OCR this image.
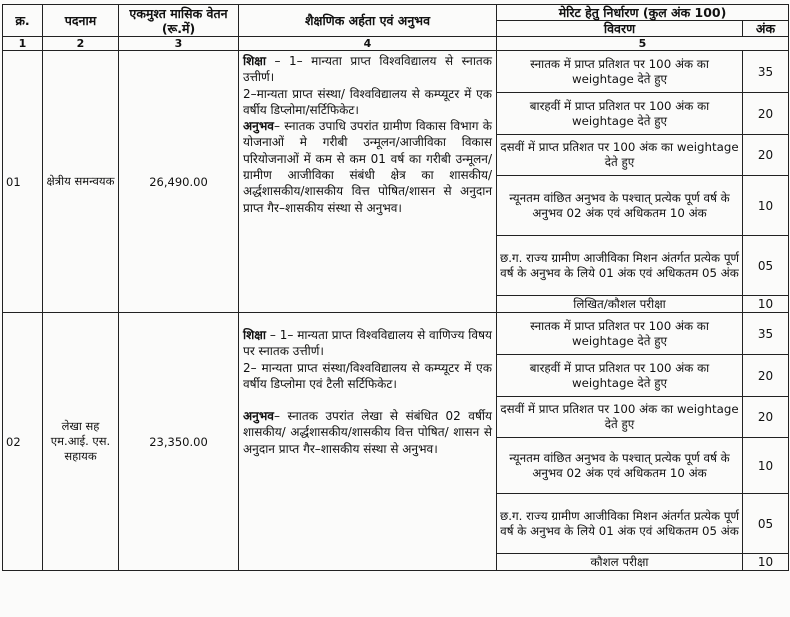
क्र.	पदनाम	एकमुश्त मासिक वेतन (रू.में)	शैक्षणिक अर्हता एवं अनुभव	मेरिट हेतु निर्धारण (कुल अंक 100)	
				विवरण	अंक
1	2	3	4	5	
01	क्षेत्रीय समन्वयक	26,490.00	शिक्षा – 1– मान्यता प्राप्त विश्वविद्यालय से स्नातक उत्तीर्ण।

2–मान्यता प्राप्त संस्था/ विश्वविद्यालय से कम्प्यूटर में एक वर्षीय डिप्लोमा/सर्टिफिकेट।

अनुभव– स्नातक उपाधि उपरांत ग्रामीण विकास विभाग के योजनाओं मे गरीबी उन्मूलन/आजीविका विकास परियोजनाओं में कम से कम 01 वर्ष का गरीबी उन्मूलन/ग्रामीण आजीविका संबंधी क्षेत्र का शासकीय/ अर्द्धशासकीय/शासकीय वित्त पोषित/शासन से अनुदान प्राप्त गैर–शासकीय संस्था से अनुभव।	स्नातक में प्राप्त प्रतिशत पर 100 अंक का weightage देते हुए	35
				बारहवीं में प्राप्त प्रतिशत पर 100 अंक का weightage देते हुए	20
				दसवीं में प्राप्त प्रतिशत पर 100 अंक का weightage देते हुए	20
				न्यूनतम वांछित अनुभव के पश्चात् प्रत्येक पूर्ण वर्ष के अनुभव 02 अंक एवं अधिकतम 10 अंक	10
				छ.ग. राज्य ग्रामीण आजीविका मिशन अंतर्गत प्रत्येक पूर्ण वर्ष के अनुभव के लिये 01 अंक एवं अधिकतम 05 अंक	05
				लिखित/कौशल परीक्षा	10
02	लेखा सह एम.आई. एस. सहायक	23,350.00	शिक्षा – 1– मान्यता प्राप्त विश्वविद्यालय से वाणिज्य विषय पर स्नातक उत्तीर्ण।

2– मान्यता प्राप्त संस्था/विश्वविद्यालय से कम्प्यूटर में एक वर्षीय डिप्लोमा एवं टैली सर्टिफिकेट।

अनुभव– स्नातक उपरांत लेखा से संबंधित 02 वर्षीय शासकीय/ अर्द्धशासकीय/शासकीय वित्त पोषित/ शासन से अनुदान प्राप्त गैर–शासकीय संस्था से अनुभव।	स्नातक में प्राप्त प्रतिशत पर 100 अंक का weightage देते हुए	35
				बारहवीं में प्राप्त प्रतिशत पर 100 अंक का weightage देते हुए	20
				दसवीं में प्राप्त प्रतिशत पर 100 अंक का weightage देते हुए	20
				न्यूनतम वांछित अनुभव के पश्चात् प्रत्येक पूर्ण वर्ष के अनुभव 02 अंक एवं अधिकतम 10 अंक	10
				छ.ग. राज्य ग्रामीण आजीविका मिशन अंतर्गत प्रत्येक पूर्ण वर्ष के अनुभव के लिये 01 अंक एवं अधिकतम 05 अंक	05
				कौशल परीक्षा	10
